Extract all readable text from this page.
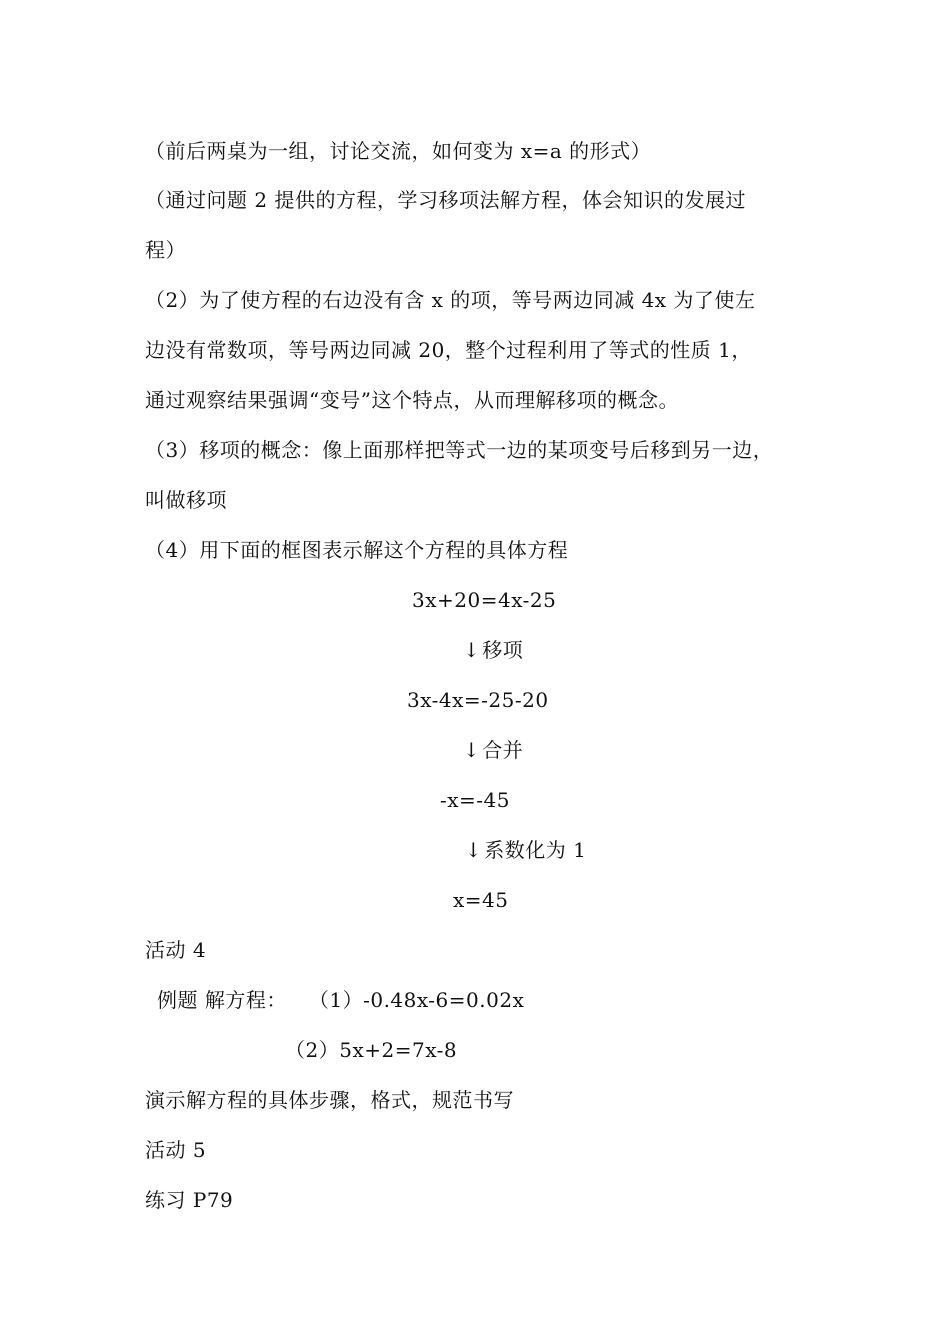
（前后两桌为一组，讨论交流，如何变为 x=a 的形式）
（通过问题 2 提供的方程，学习移项法解方程，体会知识的发展过
程）
（2）为了使方程的右边没有含 x 的项，等号两边同减 4x 为了使左
边没有常数项，等号两边同减 20，整个过程利用了等式的性质 1，
通过观察结果强调“变号”这个特点，从而理解移项的概念。
（3）移项的概念：像上面那样把等式一边的某项变号后移到另一边，
叫做移项
（4）用下面的框图表示解这个方程的具体方程
3x+20=4x-25
↓ 移项
3x-4x=-25-20
↓ 合并
-x=-45
↓ 系数化为 1
x=45
活动 4
例题 解方程： （1）-0.48x-6=0.02x
（2）5x+2=7x-8
演示解方程的具体步骤，格式，规范书写
活动 5
练习 P79
